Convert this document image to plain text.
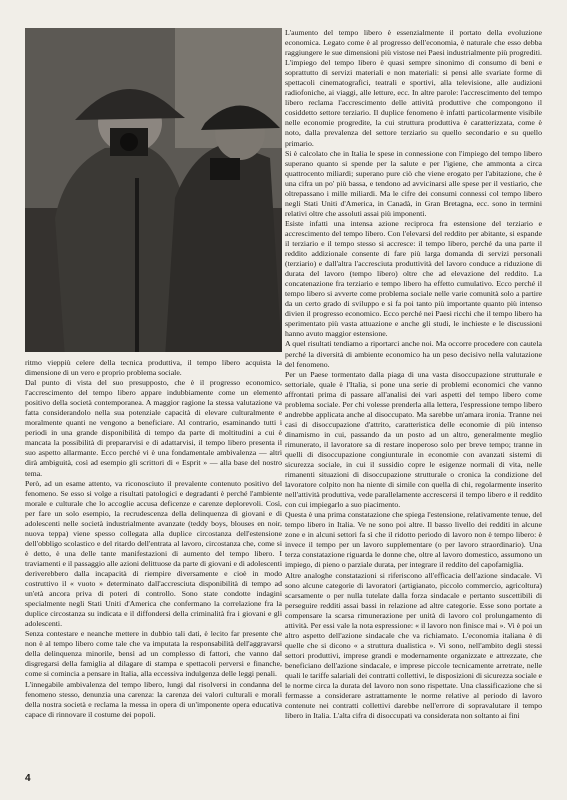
ritmo vieppiù celere della tecnica produttiva, il tempo libero acquista la dimensione di un vero e proprio problema sociale.

Dal punto di vista del suo presupposto, che è il progresso economico, l'accrescimento del tempo libero appare indubbiamente come un elemento positivo della società contemporanea. A maggior ragione la stessa valutazione va fatta considerandolo nella sua potenziale capacità di elevare culturalmente e moralmente quanti ne vengono a beneficiare. Al contrario, esaminando tutti i periodi in una grande disponibilità di tempo da parte di moltitudini a cui è mancata la possibilità di prepararvisi e di adattarvisi, il tempo libero presenta il suo aspetto allarmante. Ecco perché vi è una fondamentale ambivalenza — altri dirà ambiguità, così ad esempio gli scrittori di « Esprit » — alla base del nostro tema.

Però, ad un esame attento, va riconosciuto il prevalente contenuto positivo del fenomeno. Se esso si volge a risultati patologici e degradanti è perché l'ambiente morale e culturale che lo accoglie accusa deficenze e carenze deplorevoli. Così, per fare un solo esempio, la recrudescenza della delinquenza di giovani e di adolescenti nelle società industrialmente avanzate (teddy boys, blouses en noir, nuova teppa) viene spesso collegata alla duplice circostanza dell'estensione dell'obbligo scolastico e del ritardo dell'entrata al lavoro, circostanza che, come si è detto, è una delle tante manifestazioni di aumento del tempo libero. I traviamenti e il passaggio alle azioni delittuose da parte di giovani e di adolescenti deriverebbero dalla incapacità di riempire diversamente e cioè in modo costruttivo il « vuoto » determinato dall'accresciuta disponibilità di tempo ad un'età ancora priva di poteri di controllo. Sono state condotte indagini specialmente negli Stati Uniti d'America che confermano la correlazione fra la duplice circostanza su indicata e il diffondersi della criminalità fra i giovani e gli adolescenti.

Senza contestare e neanche mettere in dubbio tali dati, è lecito far presente che non è al tempo libero come tale che va imputata la responsabilità dell'aggravarsi della delinquenza minorile, bensì ad un complesso di fattori, che vanno dal disgregarsi della famiglia al dilagare di stampa e spettacoli perversi e finanche, come si comincia a pensare in Italia, alla eccessiva indulgenza delle leggi penali.

L'innegabile ambivalenza del tempo libero, lungi dal risolversi in condanna del fenomeno stesso, denunzia una carenza: la carenza dei valori culturali e morali della nostra società e reclama la messa in opera di un'imponente opera educativa capace di rinnovare il costume dei popoli.

L'aumento del tempo libero è essenzialmente il portato della evoluzione economica. Legato come è al progresso dell'economia, è naturale che esso debba raggiungere le sue dimensioni più vistose nei Paesi industrialmente più progrediti. L'impiego del tempo libero è quasi sempre sinonimo di consumo di beni e soprattutto di servizi materiali e non materiali: si pensi alle svariate forme di spettacoli cinematografici, teatrali e sportivi, alla televisione, alle audizioni radiofoniche, ai viaggi, alle letture, ecc. In altre parole: l'accrescimento del tempo libero reclama l'accrescimento delle attività produttive che compongono il cosiddetto settore terziario. Il duplice fenomeno è infatti particolarmente visibile nelle economie progredite, la cui struttura produttiva è caratterizzata, come è noto, dalla prevalenza del settore terziario su quello secondario e su quello primario.

Si è calcolato che in Italia le spese in connessione con l'impiego del tempo libero superano quanto si spende per la salute e per l'igiene, che ammonta a circa quattrocento miliardi; superano pure ciò che viene erogato per l'abitazione, che è una cifra un po' più bassa, e tendono ad avvicinarsi alle spese per il vestiario, che oltrepassano i mille miliardi. Ma le cifre dei consumi connessi col tempo libero negli Stati Uniti d'America, in Canadà, in Gran Bretagna, ecc. sono in termini relativi oltre che assoluti assai più imponenti.

Esiste infatti una intensa azione reciproca fra estensione del terziario e accrescimento del tempo libero. Con l'elevarsi del reddito per abitante, si espande il terziario e il tempo stesso si accresce: il tempo libero, perché da una parte il reddito addizionale consente di fare più larga domanda di servizi personali (terziario) e dall'altra l'accresciuta produttività del lavoro conduce a riduzione di durata del lavoro (tempo libero) oltre che ad elevazione del reddito. La concatenazione fra terziario e tempo libero ha effetto cumulativo. Ecco perché il tempo libero si avverte come problema sociale nelle varie comunità solo a partire da un certo grado di sviluppo e si fa poi tanto più importante quanto più intenso divien il progresso economico. Ecco perché nei Paesi ricchi che il tempo libero ha sperimentato più vasta attuazione e anche gli studi, le inchieste e le discussioni hanno avuto maggior estensione.

A quel risultati tendiamo a riportarci anche noi. Ma occorre procedere con cautela perché la diversità di ambiente economico ha un peso decisivo nella valutazione del fenomeno.

Per un Paese tormentato dalla piaga di una vasta disoccupazione strutturale e settoriale, quale è l'Italia, si pone una serie di problemi economici che vanno affrontati prima di passare all'analisi dei vari aspetti del tempo libero come problema sociale. Per chi volesse prenderla alla lettera, l'espressione tempo libero andrebbe applicata anche al disoccupato. Ma sarebbe un'amara ironia. Tranne nei casi di disoccupazione d'attrito, caratteristica delle economie di più intenso dinamismo in cui, passando da un posto ad un altro, generalmente meglio rimunerato, il lavoratore sa di restare inoperoso solo per breve tempo; tranne in quelli di disoccupazione congiunturale in economie con avanzati sistemi di sicurezza sociale, in cui il sussidio copre le esigenze normali di vita, nelle rimanenti situazioni di disoccupazione strutturale o cronica la condizione del lavoratore colpito non ha niente di simile con quella di chi, regolarmente inserito nell'attività produttiva, vede parallelamente accrescersi il tempo libero e il reddito con cui impiegarlo a suo piacimento.

Questa è una prima constatazione che spiega l'estensione, relativamente tenue, del tempo libero in Italia. Ve ne sono poi altre. Il basso livello dei redditi in alcune zone e in alcuni settori fa sì che il ridotto periodo di lavoro non è tempo libero: è invece il tempo per un lavoro supplementare (o per lavoro straordinario). Una terza constatazione riguarda le donne che, oltre al lavoro domestico, assumono un impiego, di pieno o parziale durata, per integrare il reddito del capofamiglia.

Altre analoghe constatazioni si riferiscono all'efficacia dell'azione sindacale. Vi sono alcune categorie di lavoratori (artigianato, piccolo commercio, agricoltura) scarsamente o per nulla tutelate dalla forza sindacale e pertanto suscettibili di perseguire redditi assai bassi in relazione ad altre categorie. Esse sono portate a compensare la scarsa rimunerazione per unità di lavoro col prolungamento di attività. Per essi vale la nota espressione: « il lavoro non finisce mai ». Vi è poi un altro aspetto dell'azione sindacale che va richiamato. L'economia italiana è di quelle che si dicono « a struttura dualistica ». Vi sono, nell'ambito degli stessi settori produttivi, imprese grandi e modernamente organizzate e attrezzate, che beneficiano dell'azione sindacale, e imprese piccole tecnicamente arretrate, nelle quali le tariffe salariali dei contratti collettivi, le disposizioni di sicurezza sociale e le norme circa la durata del lavoro non sono rispettate. Una classificazione che si fermasse a considerare astrattamente le norme relative al periodo di lavoro contenute nei contratti collettivi darebbe nell'errore di sopravalutare il tempo libero in Italia. L'alta cifra di disoccupati va considerata non soltanto ai fini

4
